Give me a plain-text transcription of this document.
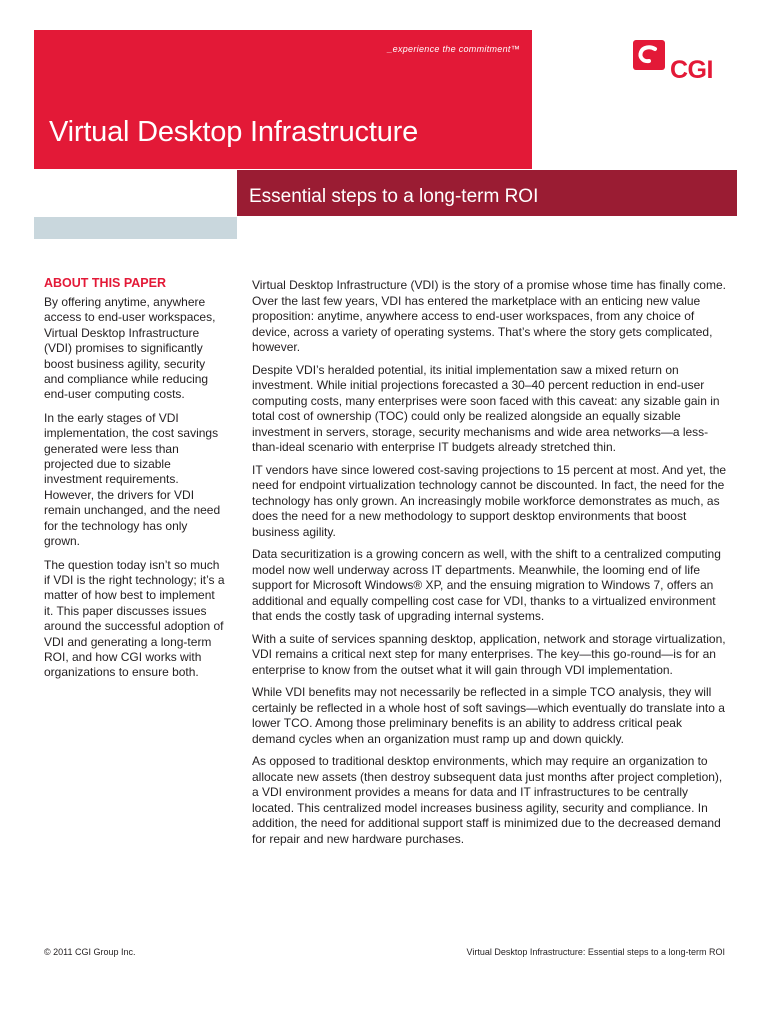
_experience the commitment™
Virtual Desktop Infrastructure
Essential steps to a long-term ROI
CGI
ABOUT THIS PAPER

By offering anytime, anywhere access to end-user workspaces, Virtual Desktop Infrastructure (VDI) promises to significantly boost business agility, security and compliance while reducing end-user computing costs.

In the early stages of VDI implementation, the cost savings generated were less than projected due to sizable investment requirements. However, the drivers for VDI remain unchanged, and the need for the technology has only grown.

The question today isn’t so much if VDI is the right technology; it’s a matter of how best to implement it. This paper discusses issues around the successful adoption of VDI and generating a long-term ROI, and how CGI works with organizations to ensure both.

Virtual Desktop Infrastructure (VDI) is the story of a promise whose time has finally come. Over the last few years, VDI has entered the marketplace with an enticing new value proposition: anytime, anywhere access to end-user workspaces, from any choice of device, across a variety of operating systems. That’s where the story gets complicated, however.

Despite VDI’s heralded potential, its initial implementation saw a mixed return on investment. While initial projections forecasted a 30–40 percent reduction in end-user computing costs, many enterprises were soon faced with this caveat: any sizable gain in total cost of ownership (TOC) could only be realized alongside an equally sizable investment in servers, storage, security mechanisms and wide area networks—a less-than-ideal scenario with enterprise IT budgets already stretched thin.

IT vendors have since lowered cost-saving projections to 15 percent at most. And yet, the need for endpoint virtualization technology cannot be discounted. In fact, the need for the technology has only grown. An increasingly mobile workforce demonstrates as much, as does the need for a new methodology to support desktop environments that boost business agility.

Data securitization is a growing concern as well, with the shift to a centralized computing model now well underway across IT departments. Meanwhile, the looming end of life support for Microsoft Windows® XP, and the ensuing migration to Windows 7, offers an additional and equally compelling cost case for VDI, thanks to a virtualized environment that ends the costly task of upgrading internal systems.

With a suite of services spanning desktop, application, network and storage virtualization, VDI remains a critical next step for many enterprises. The key—this go-round—is for an enterprise to know from the outset what it will gain through VDI implementation.

While VDI benefits may not necessarily be reflected in a simple TCO analysis, they will certainly be reflected in a whole host of soft savings—which eventually do translate into a lower TCO. Among those preliminary benefits is an ability to address critical peak demand cycles when an organization must ramp up and down quickly.

As opposed to traditional desktop environments, which may require an organization to allocate new assets (then destroy subsequent data just months after project completion), a VDI environment provides a means for data and IT infrastructures to be centrally located. This centralized model increases business agility, security and compliance. In addition, the need for additional support staff is minimized due to the decreased demand for repair and new hardware purchases.

© 2011 CGI Group Inc.	Virtual Desktop Infrastructure: Essential steps to a long-term ROI
